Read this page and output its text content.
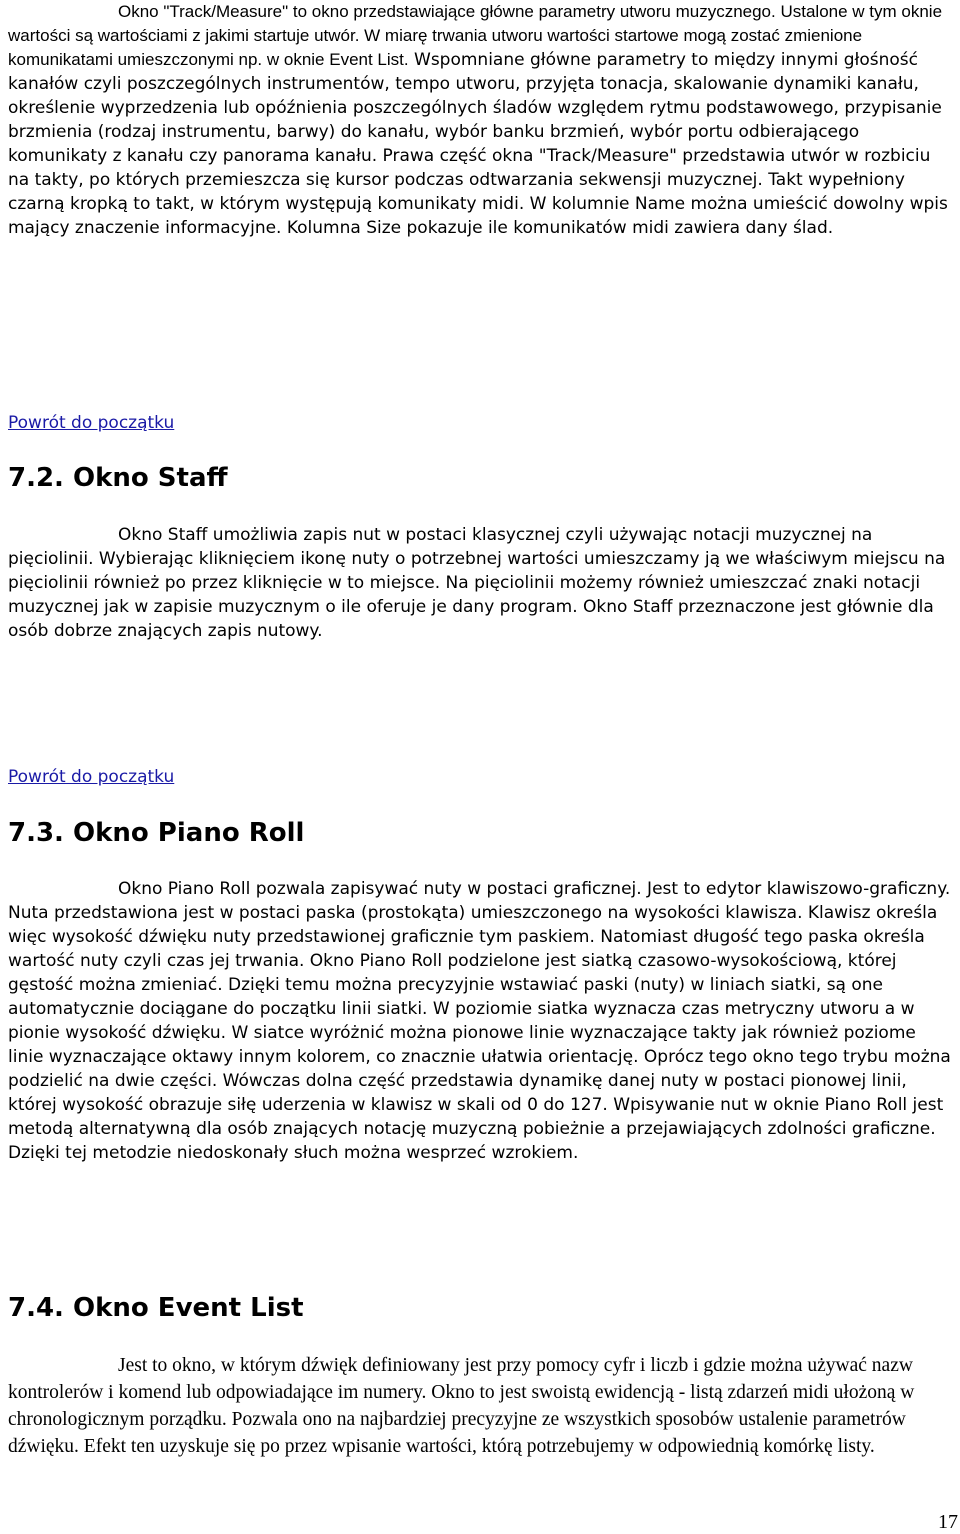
Okno "Track/Measure" to okno przedstawiające główne parametry utworu muzycznego. Ustalone w tym oknie wartości są wartościami z jakimi startuje utwór. W miarę trwania utworu wartości startowe mogą zostać zmienione komunikatami umieszczonymi np. w oknie Event List. Wspomniane główne parametry to między innymi głośność kanałów czyli poszczególnych instrumentów, tempo utworu, przyjęta tonacja, skalowanie dynamiki kanału, określenie wyprzedzenia lub opóźnienia poszczególnych śladów względem rytmu podstawowego, przypisanie brzmienia (rodzaj instrumentu, barwy) do kanału, wybór banku brzmień, wybór portu odbierającego komunikaty z kanału czy panorama kanału. Prawa część okna "Track/Measure" przedstawia utwór w rozbiciu na takty, po których przemieszcza się kursor podczas odtwarzania sekwensji muzycznej. Takt wypełniony czarną kropką to takt, w którym występują komunikaty midi. W kolumnie Name można umieścić dowolny wpis mający znaczenie informacyjne. Kolumna Size pokazuje ile komunikatów midi zawiera dany ślad.

Powrót do początku
7.2. Okno Staff

Okno Staff umożliwia zapis nut w postaci klasycznej czyli używając notacji muzycznej na pięciolinii. Wybierając kliknięciem ikonę nuty o potrzebnej wartości umieszczamy ją we właściwym miejscu na pięciolinii również po przez kliknięcie w to miejsce. Na pięciolinii możemy również umieszczać znaki notacji muzycznej jak w zapisie muzycznym o ile oferuje je dany program. Okno Staff przeznaczone jest głównie dla osób dobrze znających zapis nutowy.

Powrót do początku
7.3. Okno Piano Roll

Okno Piano Roll pozwala zapisywać nuty w postaci graficznej. Jest to edytor klawiszowo-graficzny. Nuta przedstawiona jest w postaci paska (prostokąta) umieszczonego na wysokości klawisza. Klawisz określa więc wysokość dźwięku nuty przedstawionej graficznie tym paskiem. Natomiast długość tego paska określa wartość nuty czyli czas jej trwania. Okno Piano Roll podzielone jest siatką czasowo-wysokościową, której gęstość można zmieniać. Dzięki temu można precyzyjnie wstawiać paski (nuty) w liniach siatki, są one automatycznie dociągane do początku linii siatki. W poziomie siatka wyznacza czas metryczny utworu a w pionie wysokość dźwięku. W siatce wyróżnić można pionowe linie wyznaczające takty jak również poziome linie wyznaczające oktawy innym kolorem, co znacznie ułatwia orientację. Oprócz tego okno tego trybu można podzielić na dwie części. Wówczas dolna część przedstawia dynamikę danej nuty w postaci pionowej linii, której wysokość obrazuje siłę uderzenia w klawisz w skali od 0 do 127. Wpisywanie nut w oknie Piano Roll jest metodą alternatywną dla osób znających notację muzyczną pobieżnie a przejawiających zdolności graficzne. Dzięki tej metodzie niedoskonały słuch można wesprzeć wzrokiem.

7.4. Okno Event List

Jest to okno, w którym dźwięk definiowany jest przy pomocy cyfr i liczb i gdzie można używać nazw kontrolerów i komend lub odpowiadające im numery. Okno to jest swoistą ewidencją - listą zdarzeń midi ułożoną w chronologicznym porządku. Pozwala ono na najbardziej precyzyjne ze wszystkich sposobów ustalenie parametrów dźwięku. Efekt ten uzyskuje się po przez wpisanie wartości, którą potrzebujemy w odpowiednią komórkę listy.

17
